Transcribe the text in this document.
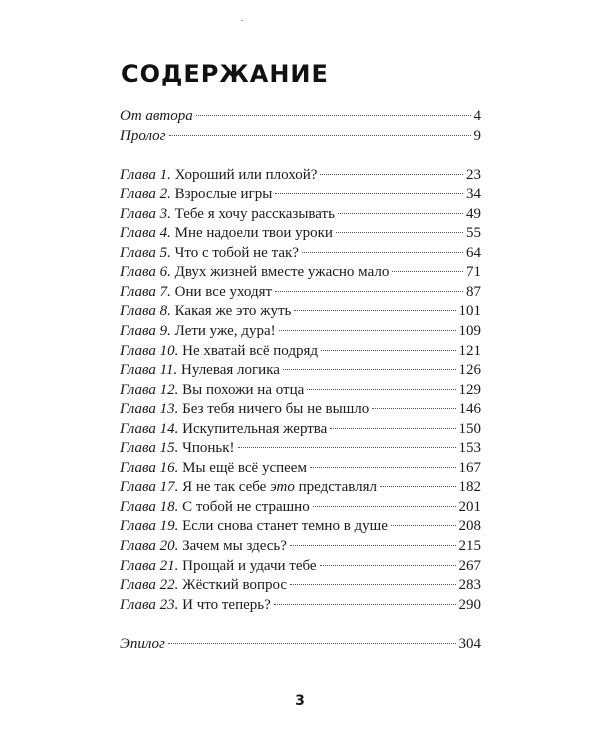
СОДЕРЖАНИЕ
От автора	4
Пролог	9
Глава 1. Хороший или плохой?	23
Глава 2. Взрослые игры	34
Глава 3. Тебе я хочу рассказывать	49
Глава 4. Мне надоели твои уроки	55
Глава 5. Что с тобой не так?	64
Глава 6. Двух жизней вместе ужасно мало	71
Глава 7. Они все уходят	87
Глава 8. Какая же это жуть	101
Глава 9. Лети уже, дура!	109
Глава 10. Не хватай всё подряд	121
Глава 11. Нулевая логика	126
Глава 12. Вы похожи на отца	129
Глава 13. Без тебя ничего бы не вышло	146
Глава 14. Искупительная жертва	150
Глава 15. Чпоньк!	153
Глава 16. Мы ещё всё успеем	167
Глава 17. Я не так себе это представлял	182
Глава 18. С тобой не страшно	201
Глава 19. Если снова станет темно в душе	208
Глава 20. Зачем мы здесь?	215
Глава 21. Прощай и удачи тебе	267
Глава 22. Жёсткий вопрос	283
Глава 23. И что теперь?	290
Эпилог	304
3
